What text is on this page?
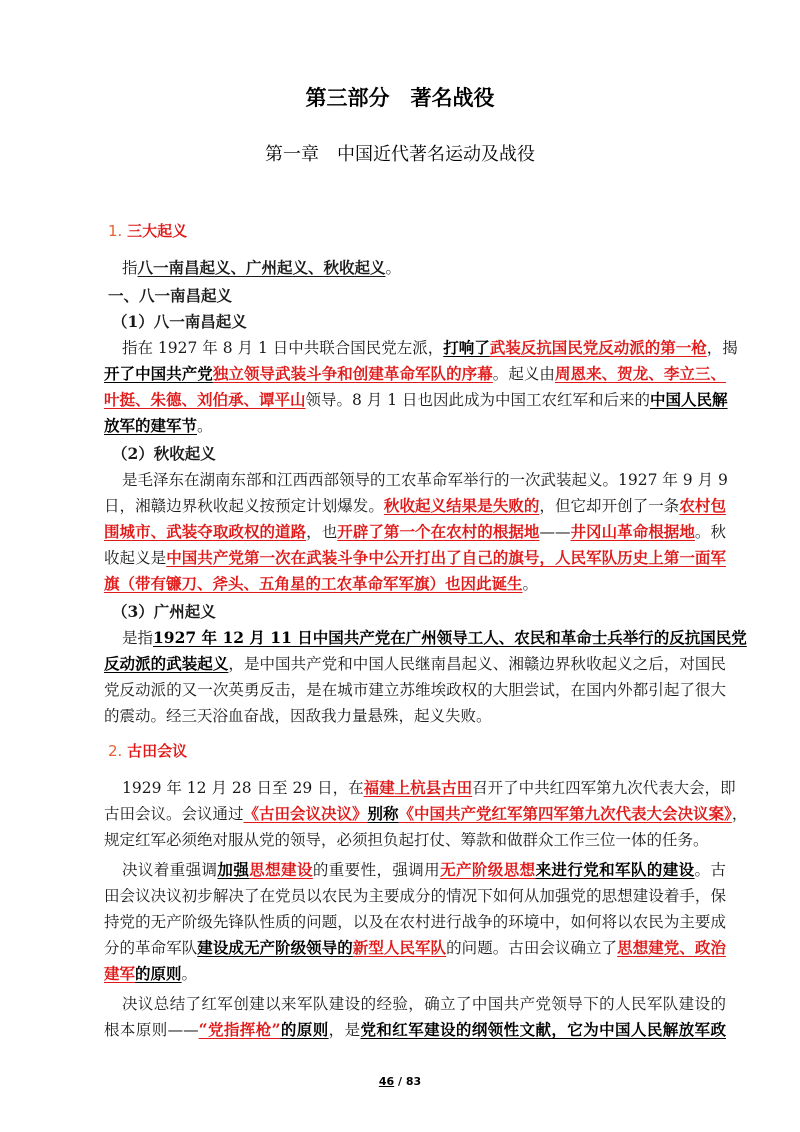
第三部分　著名战役
第一章　中国近代著名运动及战役
1. 三大起义
指八一南昌起义、广州起义、秋收起义。
一、八一南昌起义
（1）八一南昌起义
指在 1927 年 8 月 1 日中共联合国民党左派，打响了武装反抗国民党反动派的第一枪，揭
开了中国共产党独立领导武装斗争和创建革命军队的序幕。起义由周恩来、贺龙、李立三、
叶挺、朱德、刘伯承、谭平山领导。8 月 1 日也因此成为中国工农红军和后来的中国人民解
放军的建军节。
（2）秋收起义
是毛泽东在湖南东部和江西西部领导的工农革命军举行的一次武装起义。1927 年 9 月 9
日，湘赣边界秋收起义按预定计划爆发。秋收起义结果是失败的，但它却开创了一条农村包
围城市、武装夺取政权的道路，也开辟了第一个在农村的根据地——井冈山革命根据地。秋
收起义是中国共产党第一次在武装斗争中公开打出了自己的旗号，人民军队历史上第一面军
旗（带有镰刀、斧头、五角星的工农革命军军旗）也因此诞生。
（3）广州起义
是指1927 年 12 月 11 日中国共产党在广州领导工人、农民和革命士兵举行的反抗国民党
反动派的武装起义，是中国共产党和中国人民继南昌起义、湘赣边界秋收起义之后，对国民
党反动派的又一次英勇反击，是在城市建立苏维埃政权的大胆尝试，在国内外都引起了很大
的震动。经三天浴血奋战，因敌我力量悬殊，起义失败。
2. 古田会议
1929 年 12 月 28 日至 29 日，在福建上杭县古田召开了中共红四军第九次代表大会，即
古田会议。会议通过《古田会议决议》别称《中国共产党红军第四军第九次代表大会决议案》，
规定红军必须绝对服从党的领导，必须担负起打仗、筹款和做群众工作三位一体的任务。
决议着重强调加强思想建设的重要性，强调用无产阶级思想来进行党和军队的建设。古
田会议决议初步解决了在党员以农民为主要成分的情况下如何从加强党的思想建设着手，保
持党的无产阶级先锋队性质的问题，以及在农村进行战争的环境中，如何将以农民为主要成
分的革命军队建设成无产阶级领导的新型人民军队的问题。古田会议确立了思想建党、政治
建军的原则。
决议总结了红军创建以来军队建设的经验，确立了中国共产党领导下的人民军队建设的
根本原则——“党指挥枪”的原则，是党和红军建设的纲领性文献，它为中国人民解放军政
46 / 83
